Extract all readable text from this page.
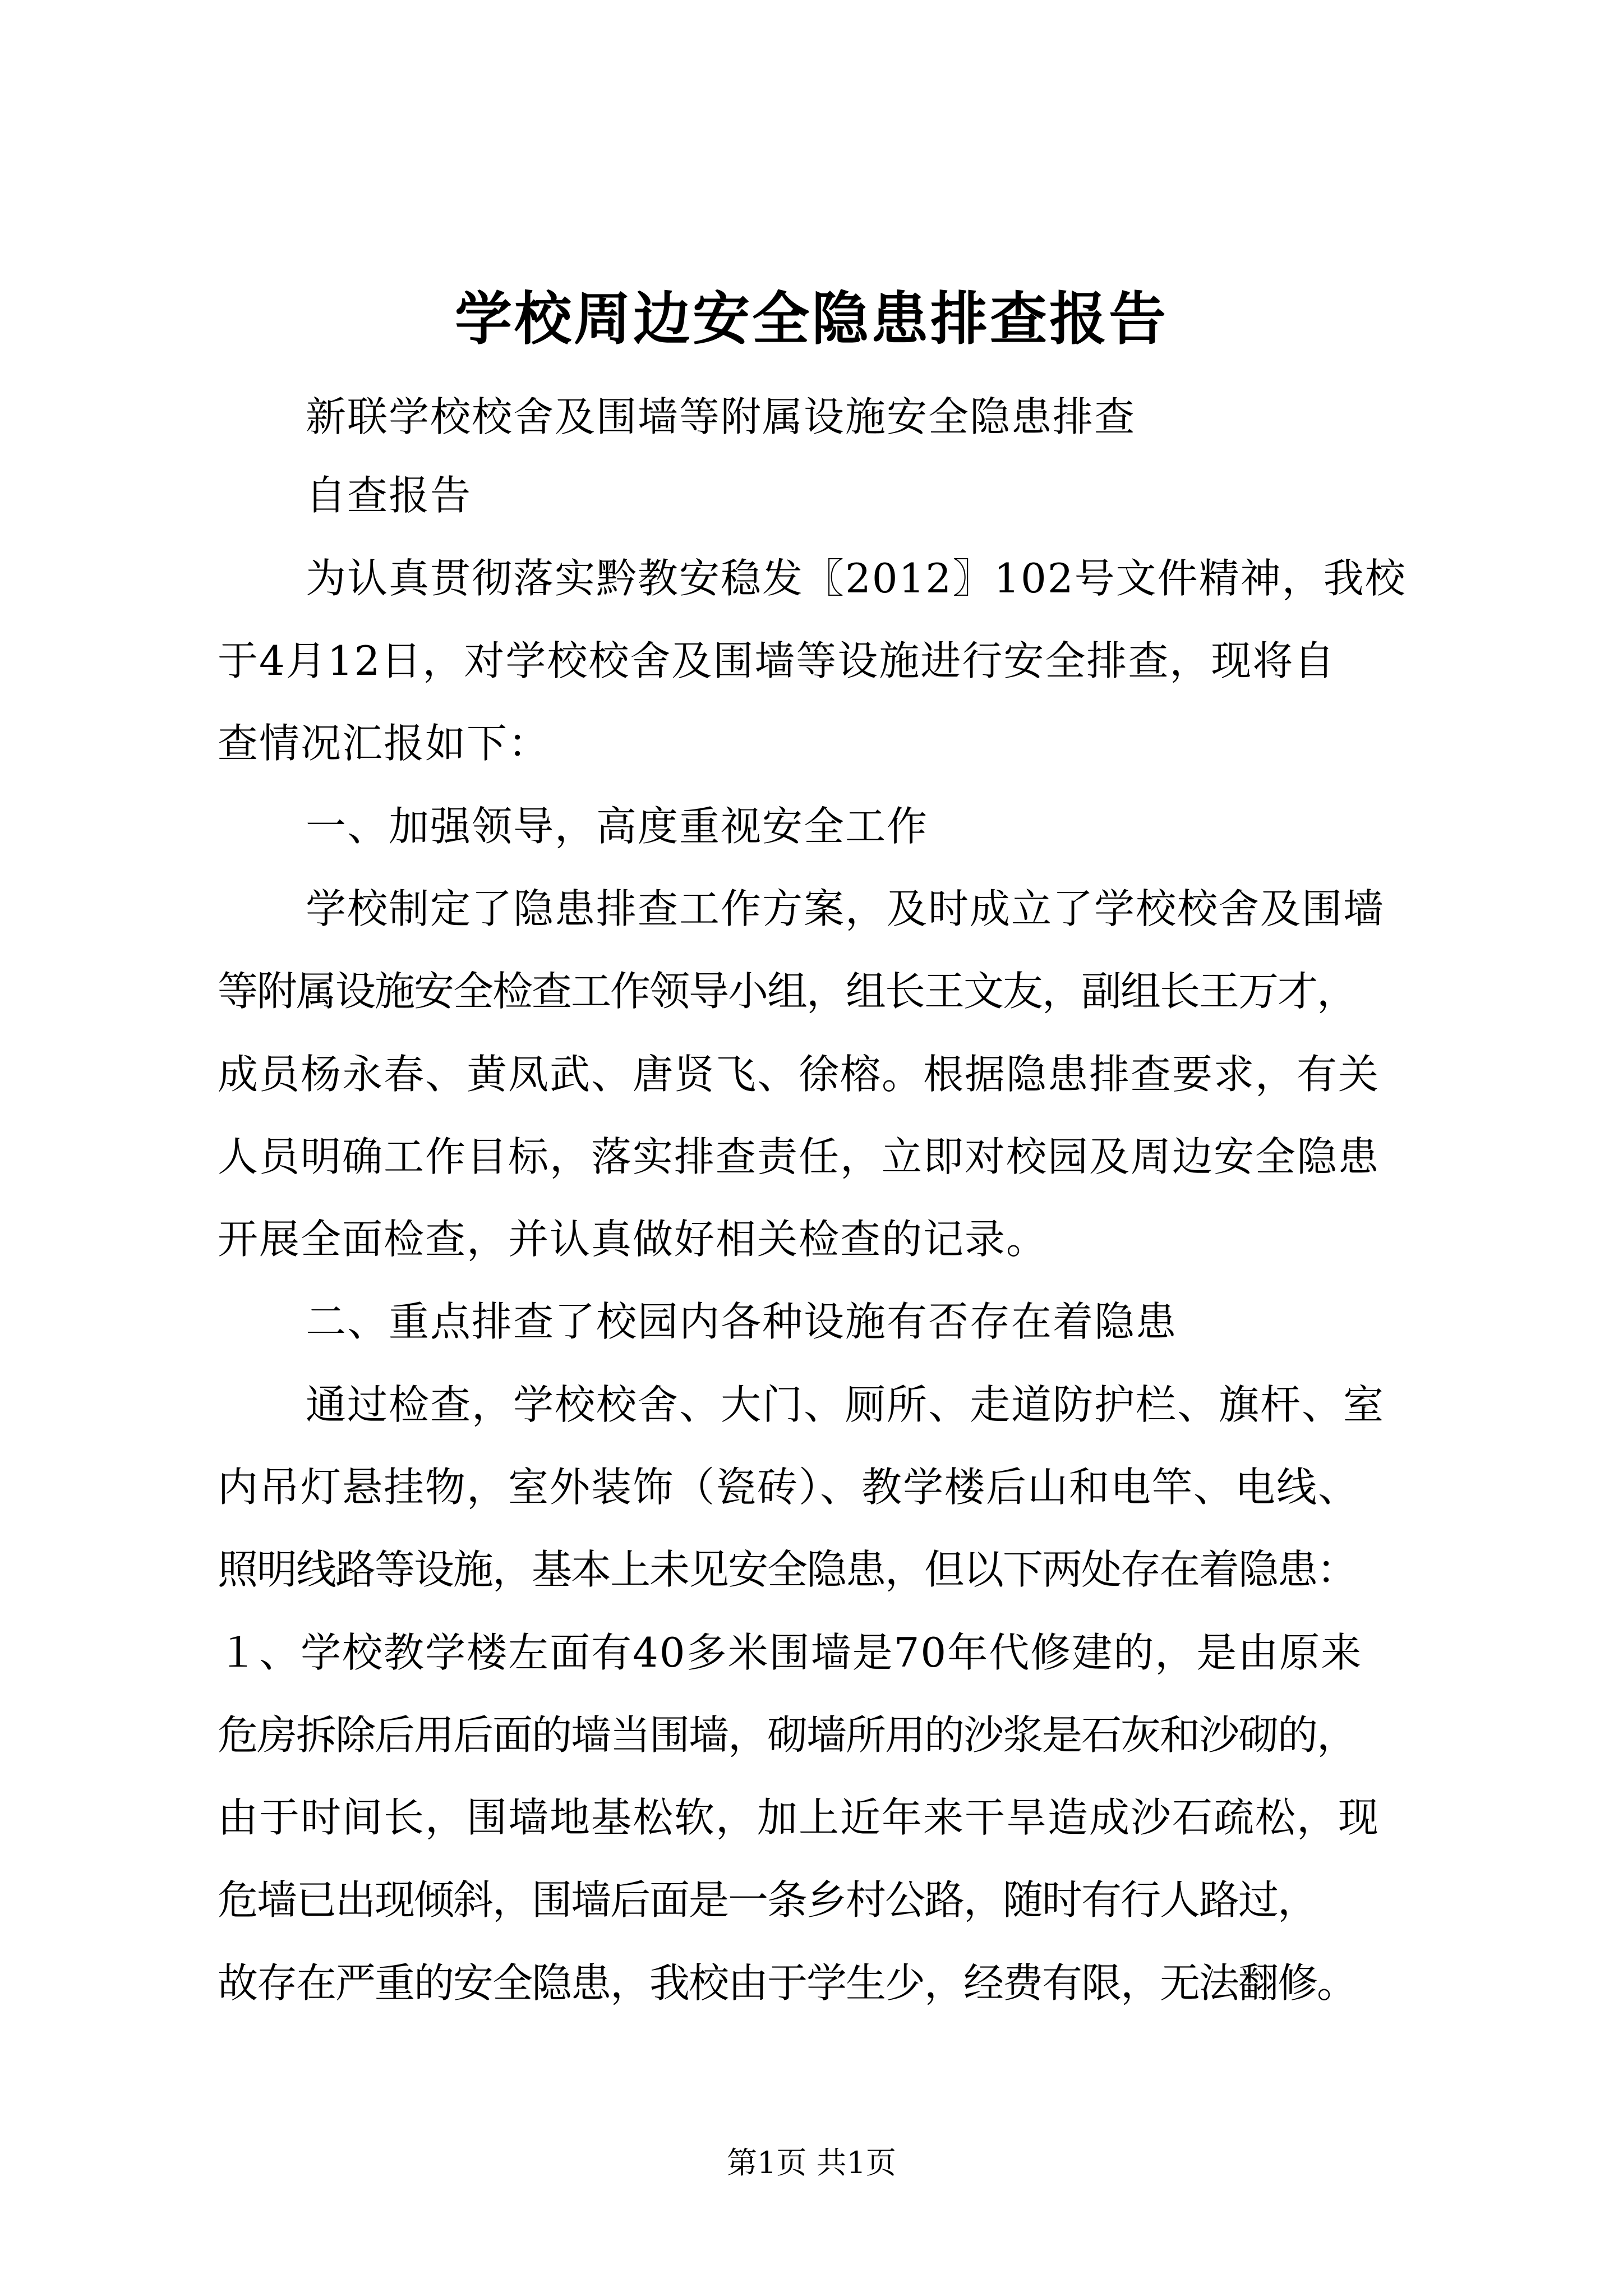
学校周边安全隐患排查报告
新联学校校舍及围墙等附属设施安全隐患排查
自查报告
为认真贯彻落实黔教安稳发〖2012〗102号文件精神，我校
于4月12日，对学校校舍及围墙等设施进行安全排查，现将自
查情况汇报如下：
一、加强领导，高度重视安全工作
学校制定了隐患排查工作方案，及时成立了学校校舍及围墙
等附属设施安全检查工作领导小组，组长王文友，副组长王万才，
成员杨永春、黄凤武、唐贤飞、徐榕。根据隐患排查要求，有关
人员明确工作目标，落实排查责任，立即对校园及周边安全隐患
开展全面检查，并认真做好相关检查的记录。
二、重点排查了校园内各种设施有否存在着隐患
通过检查，学校校舍、大门、厕所、走道防护栏、旗杆、室
内吊灯悬挂物，室外装饰（瓷砖）、教学楼后山和电竿、电线、
照明线路等设施，基本上未见安全隐患，但以下两处存在着隐患：
１、学校教学楼左面有40多米围墙是70年代修建的，是由原来
危房拆除后用后面的墙当围墙，砌墙所用的沙浆是石灰和沙砌的，
由于时间长，围墙地基松软，加上近年来干旱造成沙石疏松，现
危墙已出现倾斜，围墙后面是一条乡村公路，随时有行人路过，
故存在严重的安全隐患，我校由于学生少，经费有限，无法翻修。
第1页 共1页
